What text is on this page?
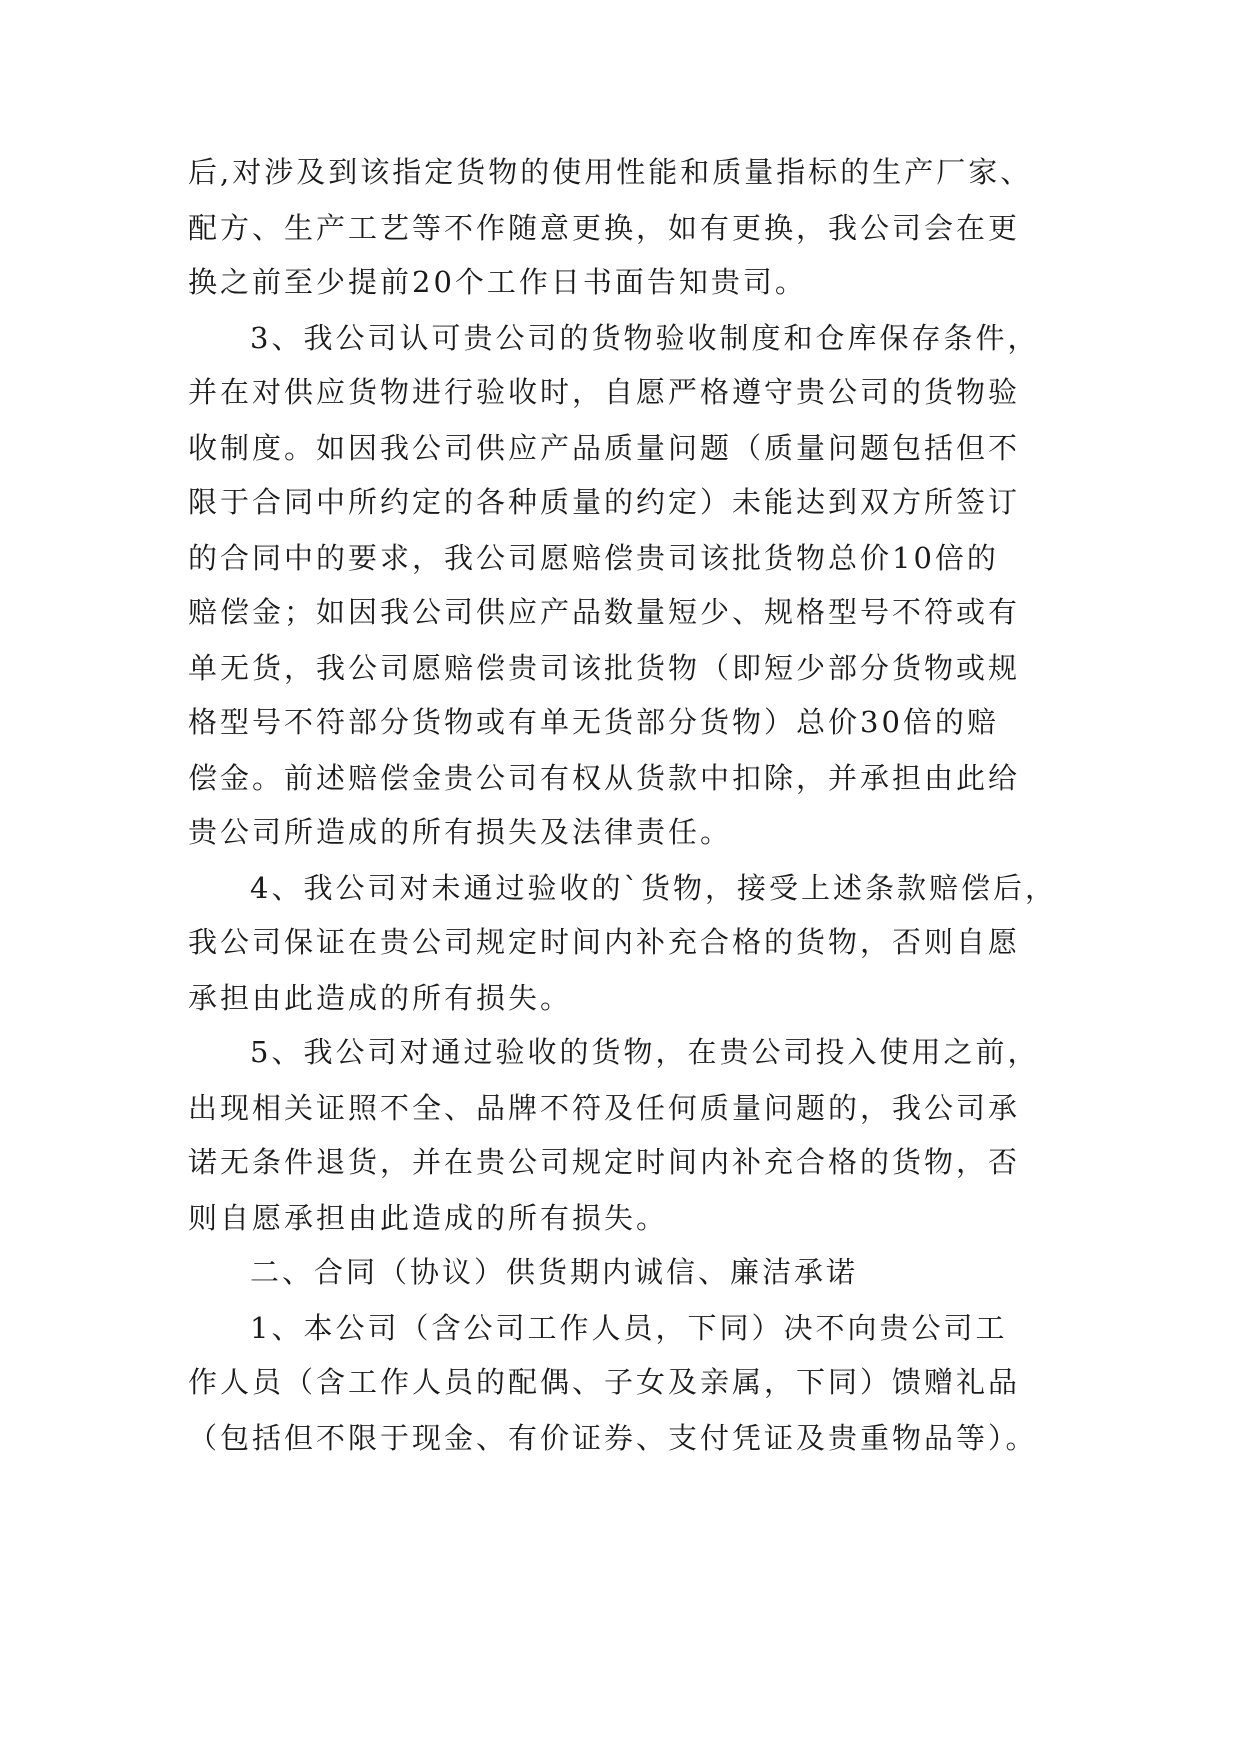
后,对涉及到该指定货物的使用性能和质量指标的生产厂家、

配方、生产工艺等不作随意更换，如有更换，我公司会在更

换之前至少提前20个工作日书面告知贵司。

3、我公司认可贵公司的货物验收制度和仓库保存条件，

并在对供应货物进行验收时，自愿严格遵守贵公司的货物验

收制度。如因我公司供应产品质量问题（质量问题包括但不

限于合同中所约定的各种质量的约定）未能达到双方所签订

的合同中的要求，我公司愿赔偿贵司该批货物总价10倍的

赔偿金；如因我公司供应产品数量短少、规格型号不符或有

单无货，我公司愿赔偿贵司该批货物（即短少部分货物或规

格型号不符部分货物或有单无货部分货物）总价30倍的赔

偿金。前述赔偿金贵公司有权从货款中扣除，并承担由此给

贵公司所造成的所有损失及法律责任。

4、我公司对未通过验收的`货物，接受上述条款赔偿后，

我公司保证在贵公司规定时间内补充合格的货物，否则自愿

承担由此造成的所有损失。

5、我公司对通过验收的货物，在贵公司投入使用之前，

出现相关证照不全、品牌不符及任何质量问题的，我公司承

诺无条件退货，并在贵公司规定时间内补充合格的货物，否

则自愿承担由此造成的所有损失。

二、合同（协议）供货期内诚信、廉洁承诺

1、本公司（含公司工作人员，下同）决不向贵公司工

作人员（含工作人员的配偶、子女及亲属，下同）馈赠礼品

（包括但不限于现金、有价证券、支付凭证及贵重物品等）。
